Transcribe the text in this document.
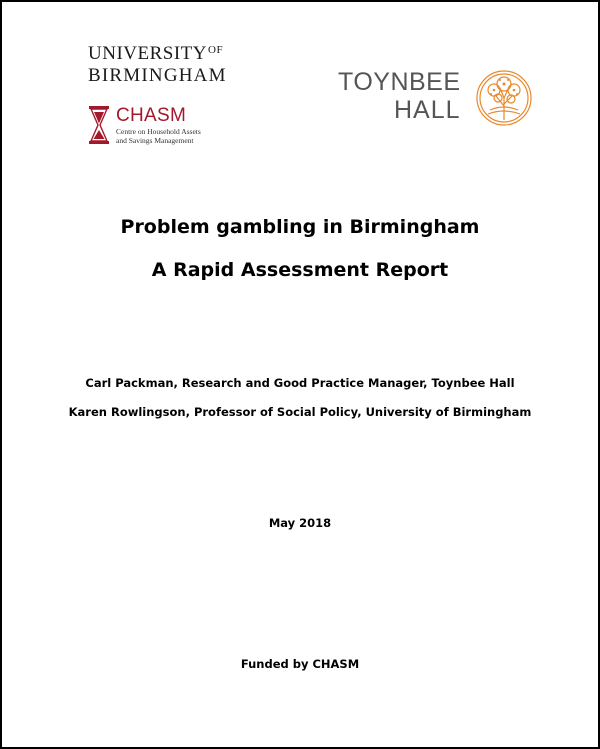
$UNIVERSITY^{OF}$
BIRMINGHAM
CHASM
Centre on Household Assets
and Savings Management
TOYNBEE
HALL
Problem gambling in Birmingham
A Rapid Assessment Report
Carl Packman, Research and Good Practice Manager, Toynbee Hall
Karen Rowlingson, Professor of Social Policy, University of Birmingham
May 2018
Funded by CHASM
